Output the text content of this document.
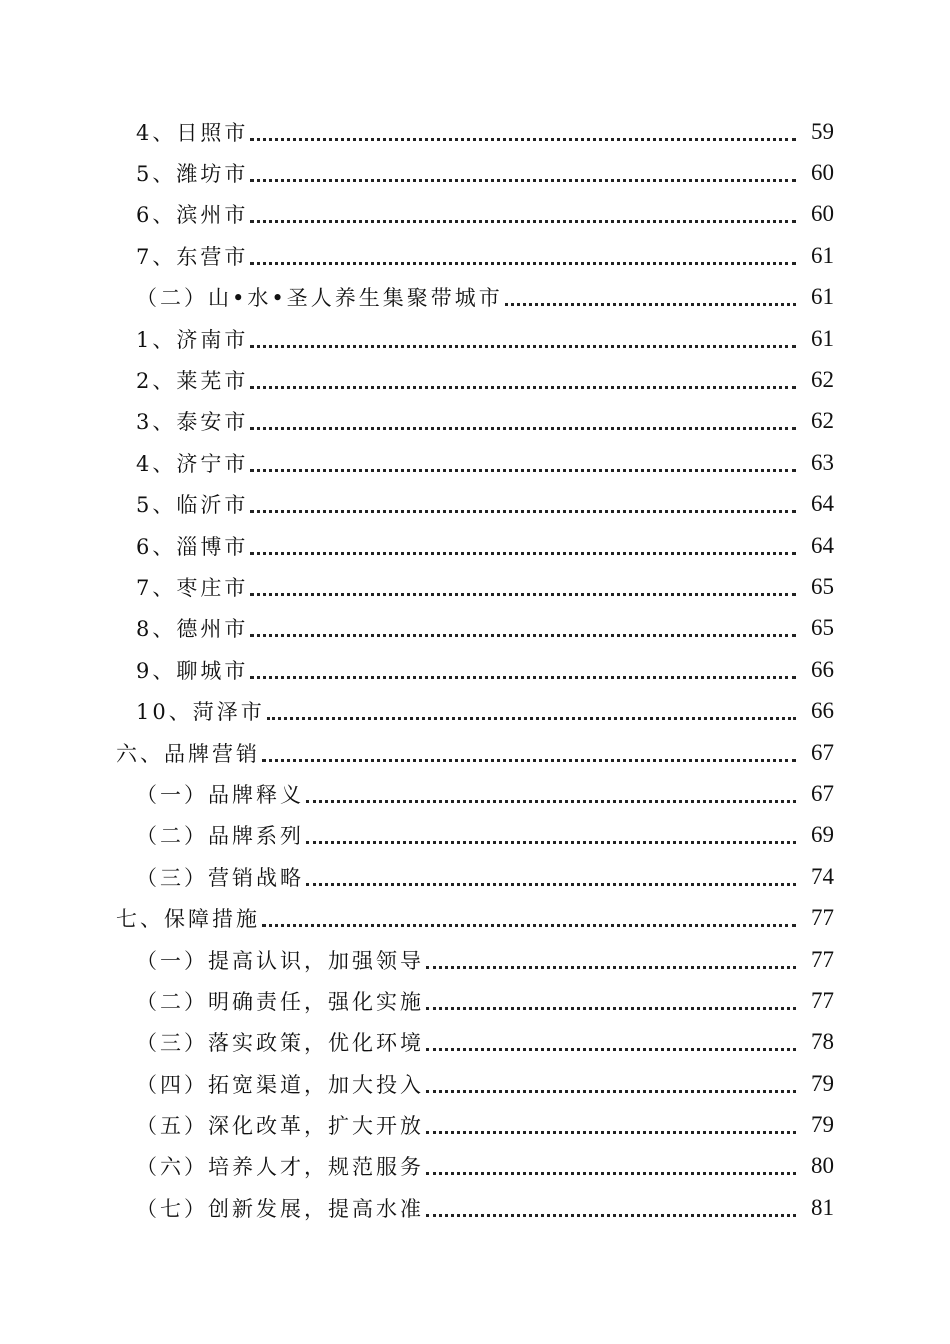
4、日照市	59
5、潍坊市	60
6、滨州市	60
7、东营市	61
（二）山•水•圣人养生集聚带城市	61
1、济南市	61
2、莱芜市	62
3、泰安市	62
4、济宁市	63
5、临沂市	64
6、淄博市	64
7、枣庄市	65
8、德州市	65
9、聊城市	66
10、菏泽市	66
六、品牌营销	67
（一）品牌释义	67
（二）品牌系列	69
（三）营销战略	74
七、保障措施	77
（一）提高认识，加强领导	77
（二）明确责任，强化实施	77
（三）落实政策，优化环境	78
（四）拓宽渠道，加大投入	79
（五）深化改革，扩大开放	79
（六）培养人才，规范服务	80
（七）创新发展，提高水准	81
